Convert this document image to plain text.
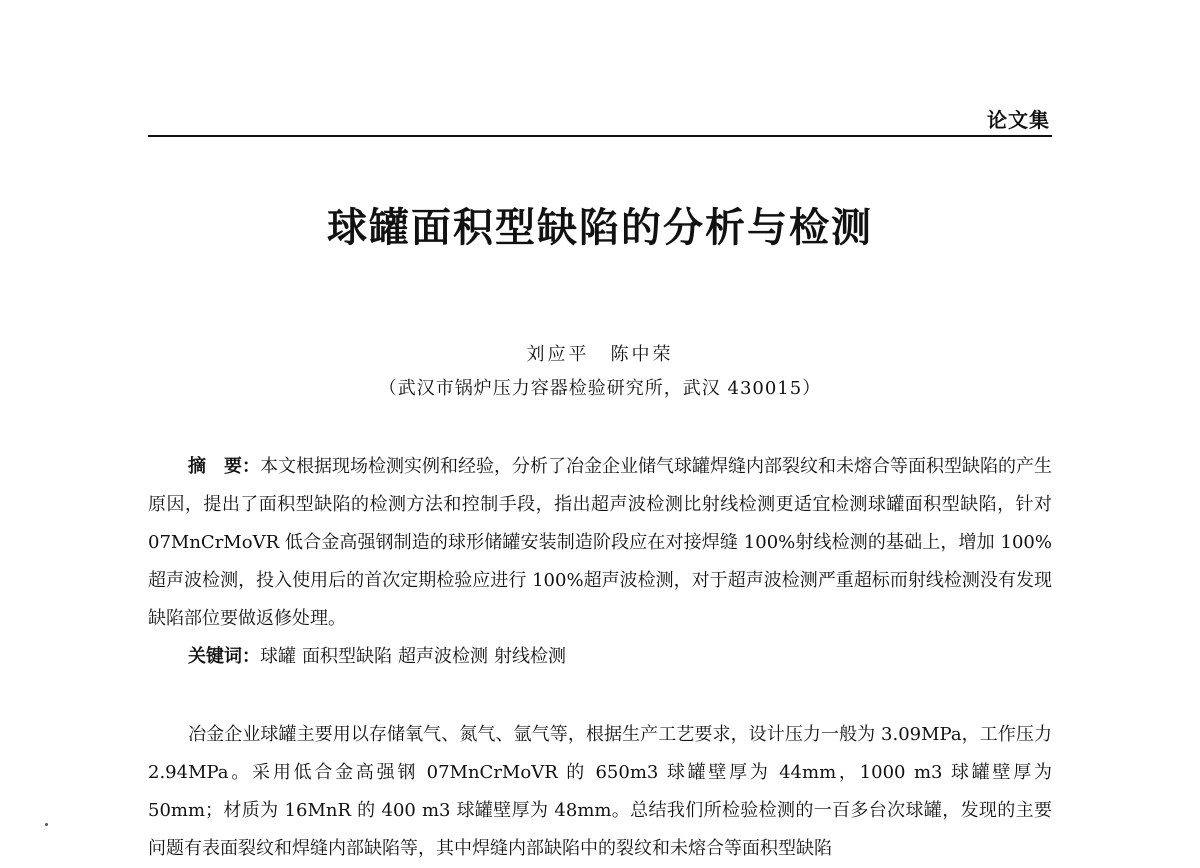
论文集
球罐面积型缺陷的分析与检测
刘应平　陈中荣
（武汉市锅炉压力容器检验研究所，武汉 430015）
摘　要：本文根据现场检测实例和经验，分析了冶金企业储气球罐焊缝内部裂纹和未熔合等面积型缺陷的产生原因，提出了面积型缺陷的检测方法和控制手段，指出超声波检测比射线检测更适宜检测球罐面积型缺陷，针对 07MnCrMoVR 低合金高强钢制造的球形储罐安装制造阶段应在对接焊缝 100%射线检测的基础上，增加 100%超声波检测，投入使用后的首次定期检验应进行 100%超声波检测，对于超声波检测严重超标而射线检测没有发现缺陷部位要做返修处理。
关键词：球罐 面积型缺陷 超声波检测 射线检测
冶金企业球罐主要用以存储氧气、氮气、氩气等，根据生产工艺要求，设计压力一般为 3.09MPa，工作压力 2.94MPa。采用低合金高强钢 07MnCrMoVR 的 650m3 球罐壁厚为 44mm，1000 m3 球罐壁厚为 50mm；材质为 16MnR 的 400 m3 球罐壁厚为 48mm。总结我们所检验检测的一百多台次球罐，发现的主要问题有表面裂纹和焊缝内部缺陷等，其中焊缝内部缺陷中的裂纹和未熔合等面积型缺陷
